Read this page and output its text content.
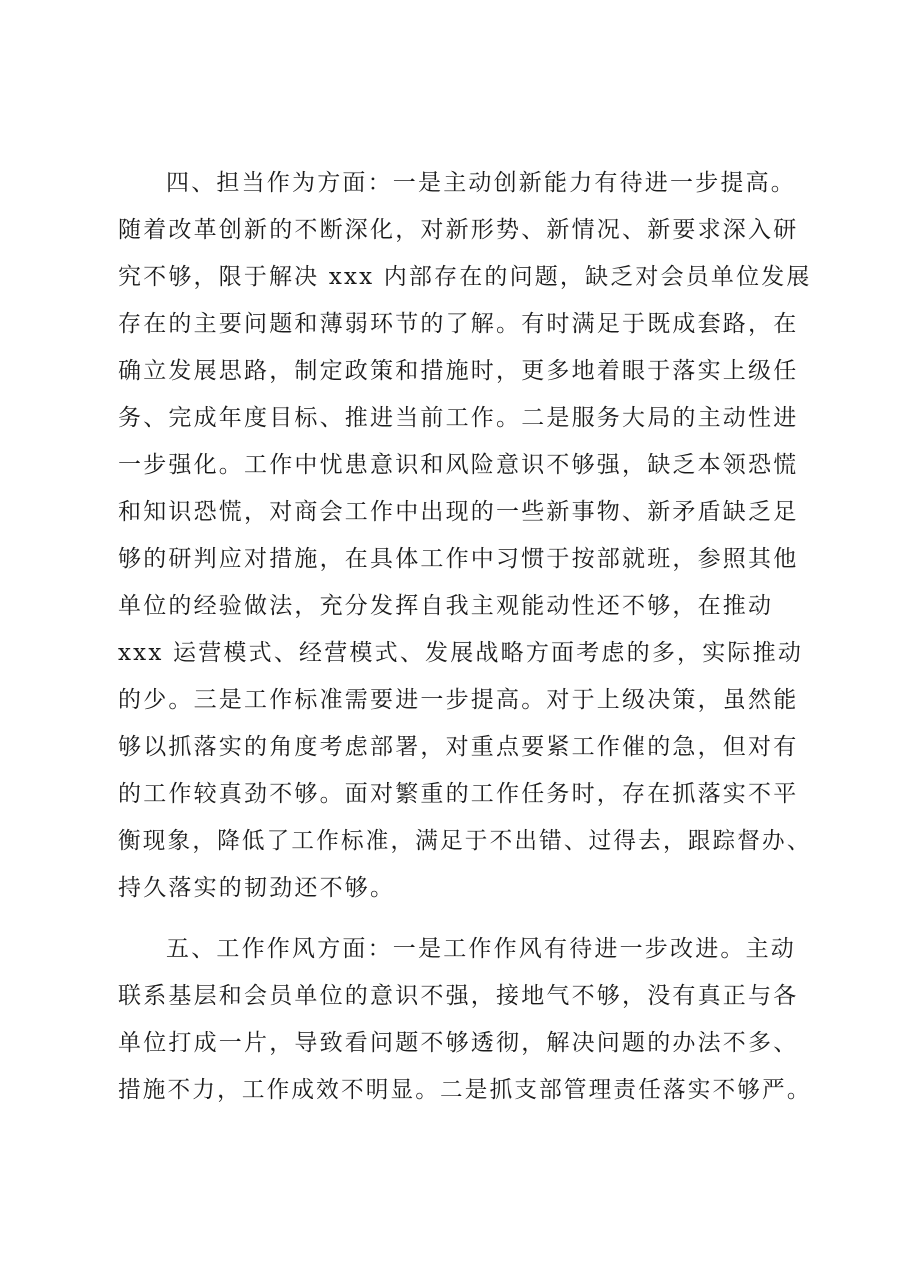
四、担当作为方面：一是主动创新能力有待进一步提高。
随着改革创新的不断深化，对新形势、新情况、新要求深入研
究不够，限于解决 xxx 内部存在的问题，缺乏对会员单位发展
存在的主要问题和薄弱环节的了解。有时满足于既成套路，在
确立发展思路，制定政策和措施时，更多地着眼于落实上级任
务、完成年度目标、推进当前工作。二是服务大局的主动性进
一步强化。工作中忧患意识和风险意识不够强，缺乏本领恐慌
和知识恐慌，对商会工作中出现的一些新事物、新矛盾缺乏足
够的研判应对措施，在具体工作中习惯于按部就班，参照其他
单位的经验做法，充分发挥自我主观能动性还不够，在推动
xxx 运营模式、经营模式、发展战略方面考虑的多，实际推动
的少。三是工作标准需要进一步提高。对于上级决策，虽然能
够以抓落实的角度考虑部署，对重点要紧工作催的急，但对有
的工作较真劲不够。面对繁重的工作任务时，存在抓落实不平
衡现象，降低了工作标准，满足于不出错、过得去，跟踪督办、
持久落实的韧劲还不够。
五、工作作风方面：一是工作作风有待进一步改进。主动
联系基层和会员单位的意识不强，接地气不够，没有真正与各
单位打成一片，导致看问题不够透彻，解决问题的办法不多、
措施不力，工作成效不明显。二是抓支部管理责任落实不够严。
